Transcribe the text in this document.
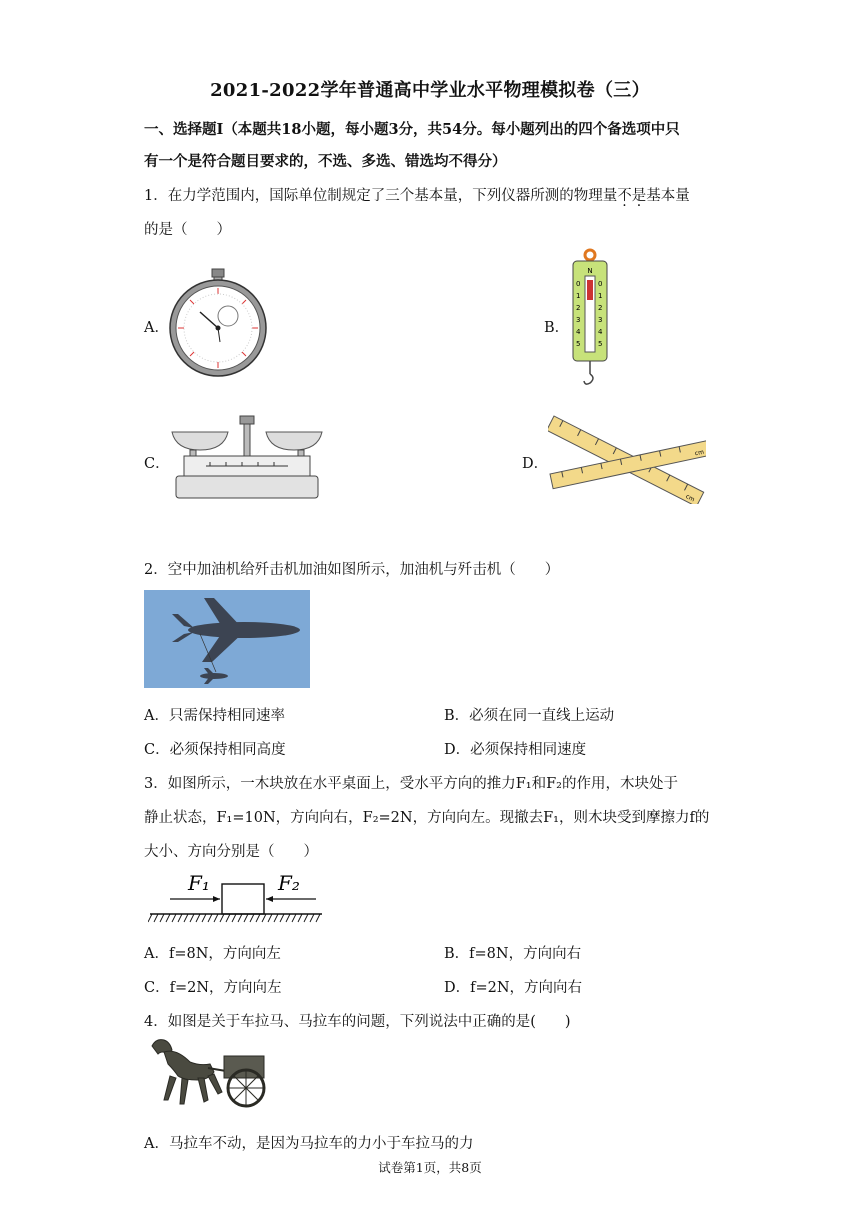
2021-2022学年普通高中学业水平物理模拟卷（三）
一、选择题Ⅰ（本题共18小题，每小题3分，共54分。每小题列出的四个备选项中只
有一个是符合题目要求的，不选、多选、错选均不得分）
1．在力学范围内，国际单位制规定了三个基本量，下列仪器所测的物理量不是基本量
的是（　　）
A．	B．
N
0
1
2
3
4
5
0
1
2
3
4
5
C．	D．
cm
cm
2．空中加油机给歼击机加油如图所示，加油机与歼击机（　　）
A．只需保持相同速率	B．必须在同一直线上运动
C．必须保持相同高度	D．必须保持相同速度
3．如图所示，一木块放在水平桌面上，受水平方向的推力F₁和F₂的作用，木块处于
静止状态，F₁=10N，方向向右，F₂=2N，方向向左。现撤去F₁，则木块受到摩擦力f的
大小、方向分别是（　　）
F₁	F₂
A．f=8N，方向向左	B．f=8N，方向向右
C．f=2N，方向向左	D．f=2N，方向向右
4．如图是关于车拉马、马拉车的问题，下列说法中正确的是(　　)
A．马拉车不动，是因为马拉车的力小于车拉马的力
试卷第1页，共8页
